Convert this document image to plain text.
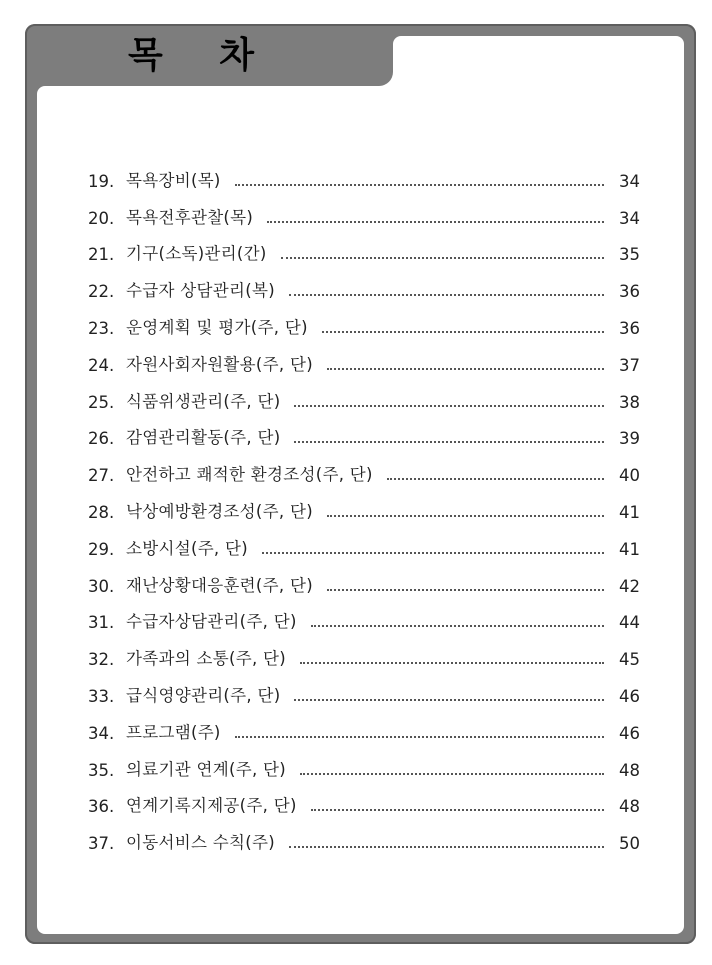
목 차
19. 목욕장비(목)	34
20. 목욕전후관찰(목)	34
21. 기구(소독)관리(간)	35
22. 수급자 상담관리(복)	36
23. 운영계획 및 평가(주, 단)	36
24. 자원사회자원활용(주, 단)	37
25. 식품위생관리(주, 단)	38
26. 감염관리활동(주, 단)	39
27. 안전하고 쾌적한 환경조성(주, 단)	40
28. 낙상예방환경조성(주, 단)	41
29. 소방시설(주, 단)	41
30. 재난상황대응훈련(주, 단)	42
31. 수급자상담관리(주, 단)	44
32. 가족과의 소통(주, 단)	45
33. 급식영양관리(주, 단)	46
34. 프로그램(주)	46
35. 의료기관 연계(주, 단)	48
36. 연계기록지제공(주, 단)	48
37. 이동서비스 수칙(주)	50
